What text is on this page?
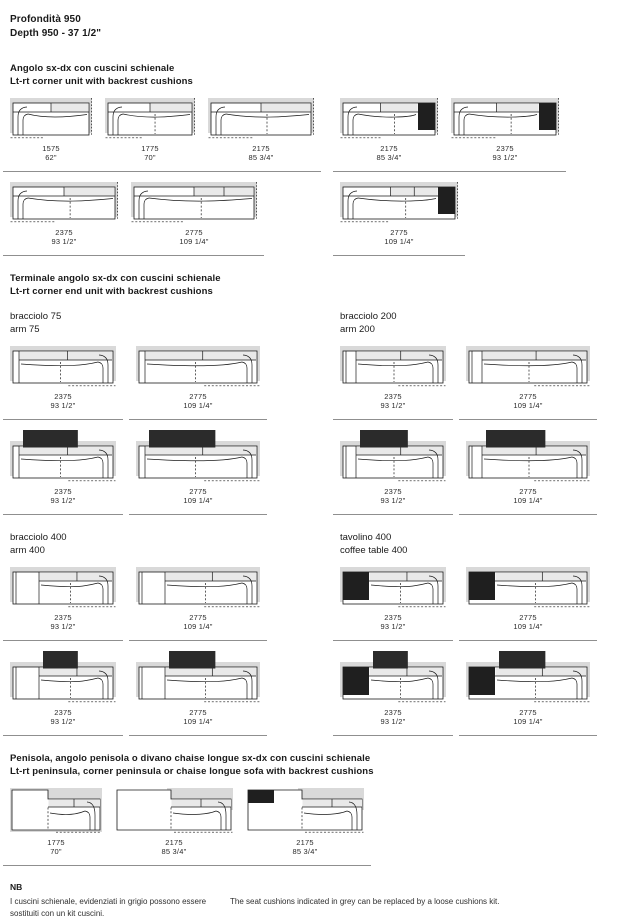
Profondità 950
Depth 950 - 37 1/2"
Angolo sx-dx con cuscini schienale
Lt-rt corner unit with backrest cushions
1575
62"
1775
70"
2175
85 3/4"
2175
85 3/4"
2375
93 1/2"
2375
93 1/2"
2775
109 1/4"
2775
109 1/4"
Terminale angolo sx-dx con cuscini schienale
Lt-rt corner end unit with backrest cushions
bracciolo 75
arm 75
2375
93 1/2"
2775
109 1/4"
2375
93 1/2"
2775
109 1/4"
bracciolo 200
arm 200
2375
93 1/2"
2775
109 1/4"
2375
93 1/2"
2775
109 1/4"
bracciolo 400
arm 400
2375
93 1/2"
2775
109 1/4"
2375
93 1/2"
2775
109 1/4"
tavolino 400
coffee table 400
2375
93 1/2"
2775
109 1/4"
2375
93 1/2"
2775
109 1/4"
Penisola, angolo penisola o divano chaise longue sx-dx con cuscini schienale
Lt-rt peninsula, corner peninsula or chaise longue sofa with backrest cushions
1775
70"
2175
85 3/4"
2175
85 3/4"
NB

I cuscini schienale, evidenziati in grigio possono essere sostituiti con un kit cuscini.

The seat cushions indicated in grey can be replaced by a loose cushions kit.
